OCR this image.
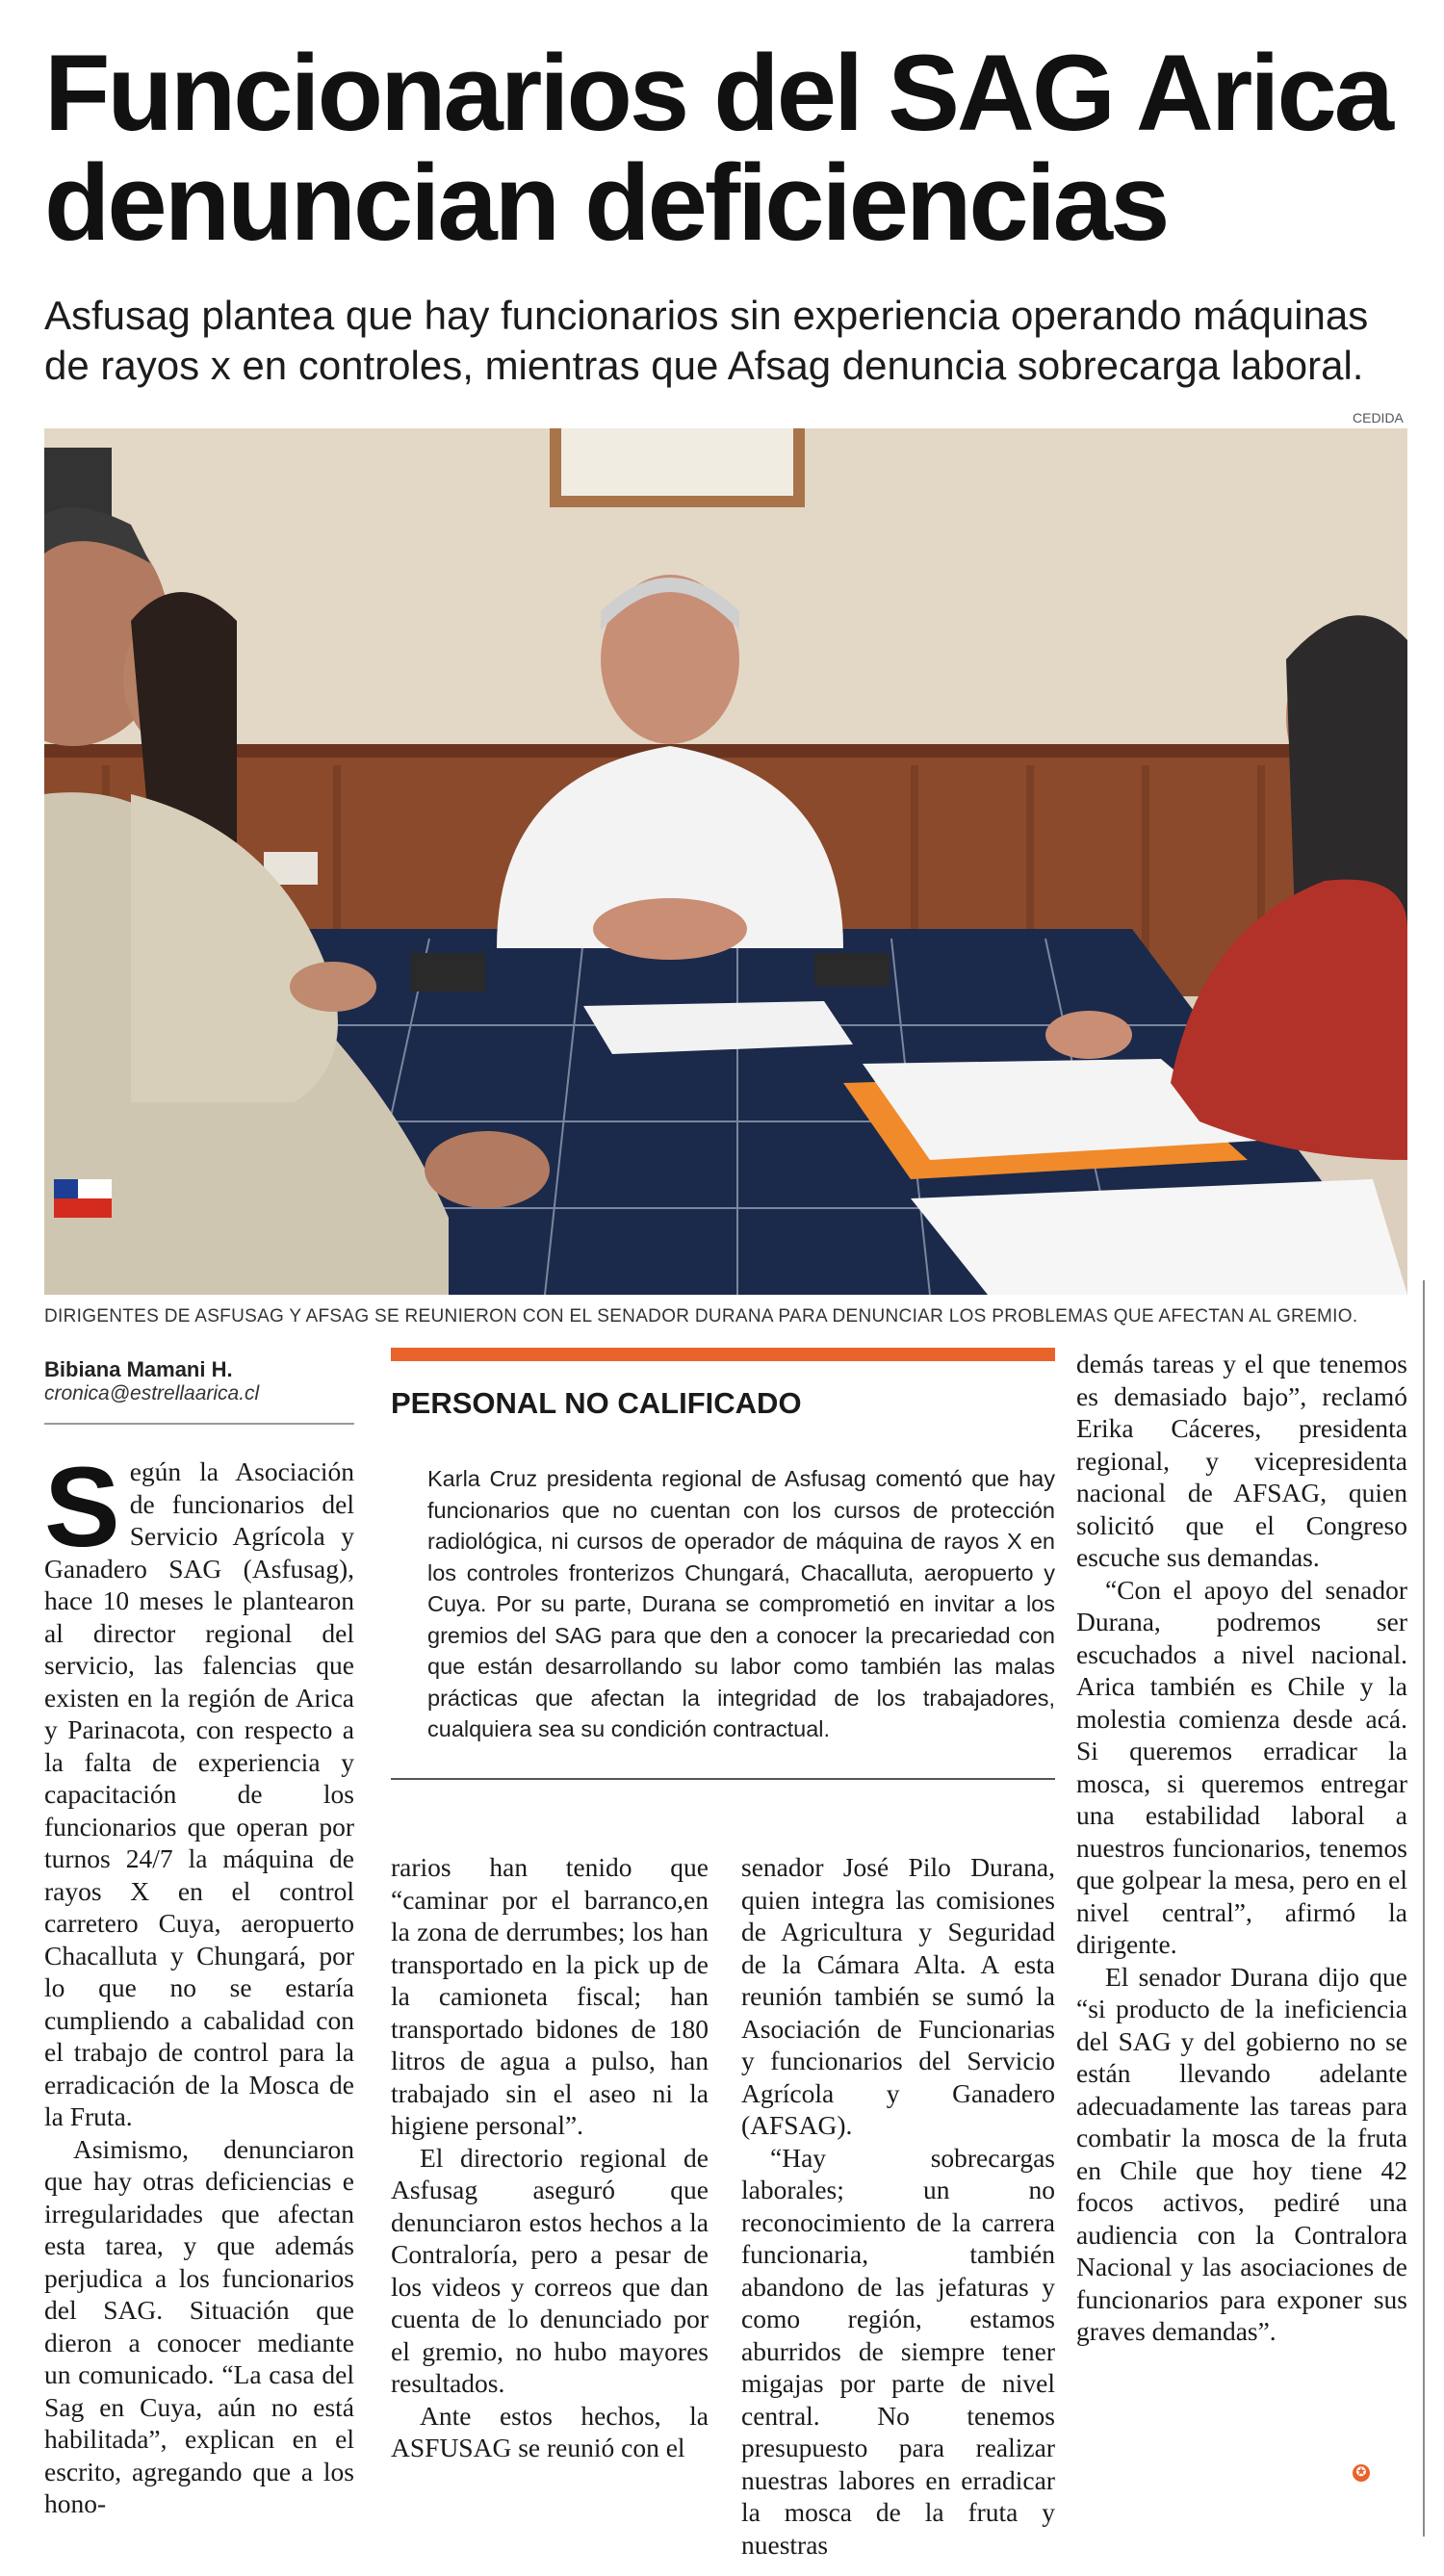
Funcionarios del SAG Arica
denuncian deficiencias

Asfusag plantea que hay funcionarios sin experiencia operando máquinas de rayos x en controles, mientras que Afsag denuncia sobrecarga laboral.

CEDIDA
DIRIGENTES DE ASFUSAG Y AFSAG SE REUNIERON CON EL SENADOR DURANA PARA DENUNCIAR LOS PROBLEMAS QUE AFECTAN AL GREMIO.
Bibiana Mamani H.
cronica@estrellaarica.cl

Según la Asociación de funcionarios del Servicio Agrícola y Ganadero SAG (Asfusag), hace 10 meses le plantearon al director regional del servicio, las falencias que existen en la región de Arica y Parinacota, con respecto a la falta de experiencia y capacitación de los funcionarios que operan por turnos 24/7 la máquina de rayos X en el control carretero Cuya, aeropuerto Chacalluta y Chungará, por lo que no se estaría cumpliendo a cabalidad con el trabajo de control para la erradicación de la Mosca de la Fruta.

Asimismo, denunciaron que hay otras deficiencias e irregularidades que afectan esta tarea, y que además perjudica a los funcionarios del SAG. Situación que dieron a conocer mediante un comunicado. “La casa del Sag en Cuya, aún no está habilitada”, explican en el escrito, agregando que a los hono-

PERSONAL NO CALIFICADO

Karla Cruz presidenta regional de Asfusag comentó que hay funcionarios que no cuentan con los cursos de protección radiológica, ni cursos de operador de máquina de rayos X en los controles fronterizos Chungará, Chacalluta, aeropuerto y Cuya. Por su parte, Durana se comprometió en invitar a los gremios del SAG para que den a conocer la precariedad con que están desarrollando su labor como también las malas prácticas que afectan la integridad de los trabajadores, cualquiera sea su condición contractual.

rarios han tenido que “caminar por el barranco,en la zona de derrumbes; los han transportado en la pick up de la camioneta fiscal; han transportado bidones de 180 litros de agua a pulso, han trabajado sin el aseo ni la higiene personal”.

El directorio regional de Asfusag aseguró que denunciaron estos hechos a la Contraloría, pero a pesar de los videos y correos que dan cuenta de lo denunciado por el gremio, no hubo mayores resultados.

Ante estos hechos, la ASFUSAG se reunió con el

senador José Pilo Durana, quien integra las comisiones de Agricultura y Seguridad de la Cámara Alta. A esta reunión también se sumó la Asociación de Funcionarias y funcionarios del Servicio Agrícola y Ganadero (AFSAG).

“Hay sobrecargas laborales; un no reconocimiento de la carrera funcionaria, también abandono de las jefaturas y como región, estamos aburridos de siempre tener migajas por parte de nivel central. No tenemos presupuesto para realizar nuestras labores en erradicar la mosca de la fruta y nuestras

demás tareas y el que tenemos es demasiado bajo”, reclamó Erika Cáceres, presidenta regional, y vicepresidenta nacional de AFSAG, quien solicitó que el Congreso escuche sus demandas.

“Con el apoyo del senador Durana, podremos ser escuchados a nivel nacional. Arica también es Chile y la molestia comienza desde acá. Si queremos erradicar la mosca, si queremos entregar una estabilidad laboral a nuestros funcionarios, tenemos que golpear la mesa, pero en el nivel central”, afirmó la dirigente.

El senador Durana dijo que “si producto de la ineficiencia del SAG y del gobierno no se están llevando adelante adecuadamente las tareas para combatir la mosca de la fruta en Chile que hoy tiene 42 focos activos, pediré una audiencia con la Contralora Nacional y las asociaciones de funcionarios para exponer sus graves demandas”.

✪
